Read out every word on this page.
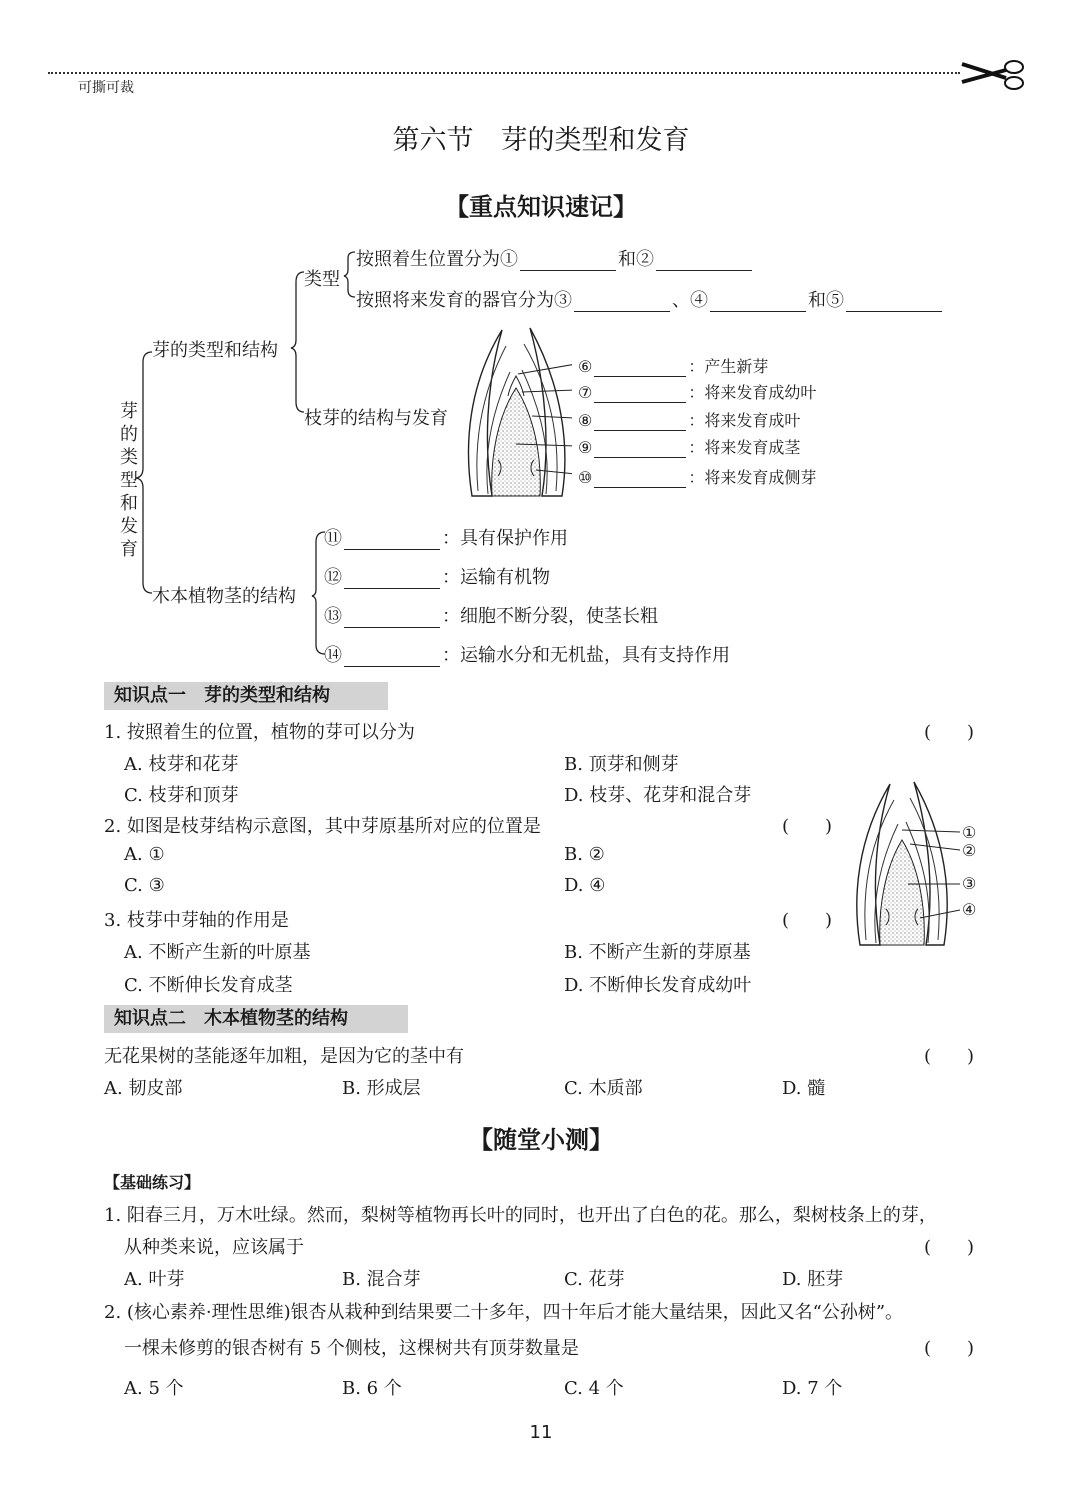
可撕可裁
第六节　芽的类型和发育
【重点知识速记】
芽的类型和发育
芽的类型和结构
木本植物茎的结构
类型
按照着生位置分为①	和②
按照将来发育的器官分为③	、④	和⑤
枝芽的结构与发育
⑥	：产生新芽
⑦	：将来发育成幼叶
⑧	：将来发育成叶
⑨	：将来发育成茎
⑩	：将来发育成侧芽
⑪	：具有保护作用
⑫	：运输有机物
⑬	：细胞不断分裂，使茎长粗
⑭	：运输水分和无机盐，具有支持作用
知识点一　芽的类型和结构
1. 按照着生的位置，植物的芽可以分为	(　　)
A. 枝芽和花芽	B. 顶芽和侧芽
C. 枝芽和顶芽	D. 枝芽、花芽和混合芽
2. 如图是枝芽结构示意图，其中芽原基所对应的位置是	(　　)
A. ①	B. ②
C. ③	D. ④
3. 枝芽中芽轴的作用是	(　　)
A. 不断产生新的叶原基	B. 不断产生新的芽原基
C. 不断伸长发育成茎	D. 不断伸长发育成幼叶
①
②
③
④
知识点二　木本植物茎的结构
无花果树的茎能逐年加粗，是因为它的茎中有	(　　)
A. 韧皮部	B. 形成层	C. 木质部	D. 髓
【随堂小测】
【基础练习】
1. 阳春三月，万木吐绿。然而，梨树等植物再长叶的同时，也开出了白色的花。那么，梨树枝条上的芽，
从种类来说，应该属于	(　　)
A. 叶芽	B. 混合芽	C. 花芽	D. 胚芽
2. (核心素养·理性思维)银杏从栽种到结果要二十多年，四十年后才能大量结果，因此又名“公孙树”。
一棵未修剪的银杏树有 5 个侧枝，这棵树共有顶芽数量是	(　　)
A. 5 个	B. 6 个	C. 4 个	D. 7 个
11
